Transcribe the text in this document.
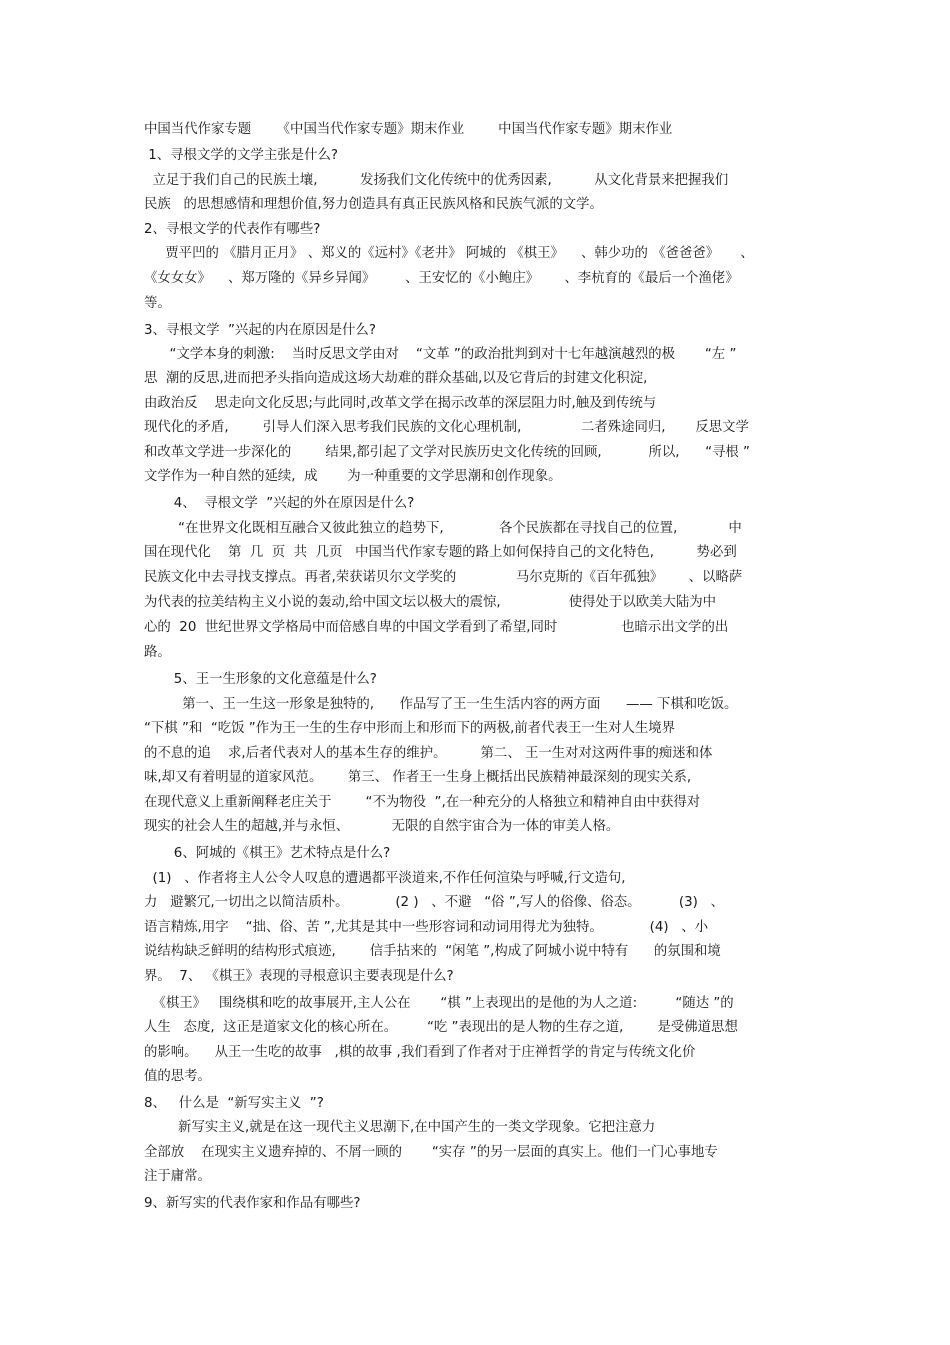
中国当代作家专题      《中国当代作家专题》期末作业        中国当代作家专题》期末作业
1、寻根文学的文学主张是什么?
立足于我们自己的民族土壤,          发扬我们文化传统中的优秀因素,          从文化背景来把握我们
民族   的思想感情和理想价值,努力创造具有真正民族风格和民族气派的文学。
2、寻根文学的代表作有哪些?
贾平凹的 《腊月正月》 、郑义的《远村》《老井》 阿城的 《棋王》    、韩少功的 《爸爸爸》     、
《女女女》    、郑万隆的《异乡异闻》       、王安忆的《小鲍庄》      、李杭育的《最后一个渔佬》
等。
3、寻根文学  ”兴起的内在原因是什么?
“文学本身的刺激:    当时反思文学由对    “文革 ”的政治批判到对十七年越演越烈的极       “左 ”
思  潮的反思,进而把矛头指向造成这场大劫难的群众基础,以及它背后的封建文化积淀,
由政治反    思走向文化反思;与此同时,改革文学在揭示改革的深层阻力时,触及到传统与
现代化的矛盾,        引导人们深入思考我们民族的文化心理机制,              二者殊途同归,       反思文学
和改革文学进一步深化的        结果,都引起了文学对民族历史文化传统的回顾,           所以,      “寻根 ”
文学作为一种自然的延续,  成       为一种重要的文学思潮和创作现象。
4、  寻根文学  ”兴起的外在原因是什么?
“在世界文化既相互融合又彼此独立的趋势下,             各个民族都在寻找自己的位置,            中
国在现代化    第  几  页  共  几页   中国当代作家专题的路上如何保持自己的文化特色,          势必到
民族文化中去寻找支撑点。再者,荣获诺贝尔文学奖的              马尔克斯的《百年孤独》      、以略萨
为代表的拉美结构主义小说的轰动,给中国文坛以极大的震惊,                使得处于以欧美大陆为中
心的  20  世纪世界文学格局中而倍感自卑的中国文学看到了希望,同时               也暗示出文学的出
路。
5、王一生形象的文化意蕴是什么?
第一、王一生这一形象是独特的,      作品写了王一生生活内容的两方面      —— 下棋和吃饭。
“下棋 ”和  “吃饭 ”作为王一生的生存中形而上和形而下的两极,前者代表王一生对人生境界
的不息的追    求,后者代表对人的基本生存的维护。        第二、 王一生对对这两件事的痴迷和体
味,却又有着明显的道家风范。      第三、 作者王一生身上概括出民族精神最深刻的现实关系,
在现代意义上重新阐释老庄关于        “不为物役  ”,在一种充分的人格独立和精神自由中获得对
现实的社会人生的超越,并与永恒、          无限的自然宇宙合为一体的审美人格。
6、阿城的《棋王》艺术特点是什么?
(1)   、作者将主人公令人叹息的遭遇都平淡道来,不作任何渲染与呼喊,行文造句,
力   避繁冗,一切出之以简洁质朴。           (2 )   、不避   “俗 ”,写人的俗像、俗态。         (3)   、
语言精炼,用字    “拙、俗、苦 ”,尤其是其中一些形容词和动词用得尤为独特。           (4)   、小
说结构缺乏鲜明的结构形式痕迹,        信手拈来的  “闲笔 ”,构成了阿城小说中特有      的氛围和境
界。  7、 《棋王》表现的寻根意识主要表现是什么?
《棋王》   围绕棋和吃的故事展开,主人公在       “棋 ”上表现出的是他的为人之道:         “随达 ”的
人生   态度,  这正是道家文化的核心所在。       “吃 ”表现出的是人物的生存之道,        是受佛道思想
的影响。    从王一生吃的故事   ,棋的故事 ,我们看到了作者对于庄禅哲学的肯定与传统文化价
值的思考。
8、   什么是  “新写实主义  ”?
新写实主义,就是在这一现代主义思潮下,在中国产生的一类文学现象。它把注意力
全部放    在现实主义遗弃掉的、不屑一顾的       “实存 ”的另一层面的真实上。他们一门心事地专
注于庸常。
9、新写实的代表作家和作品有哪些?
